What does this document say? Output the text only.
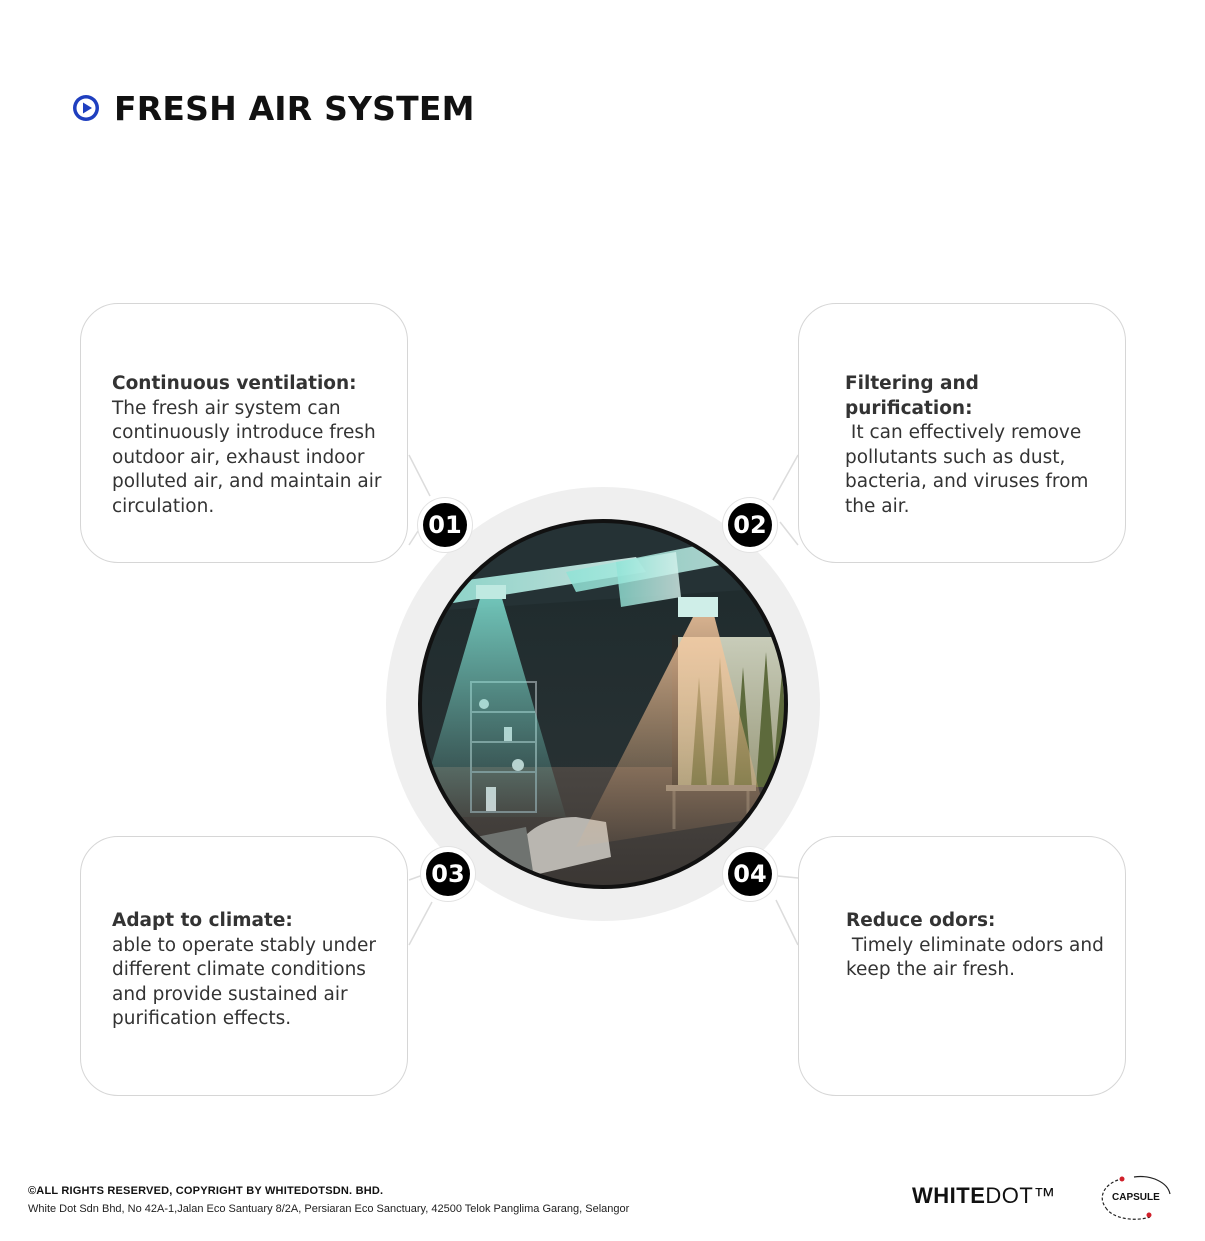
FRESH AIR SYSTEM
Continuous ventilation:
The fresh air system can
continuously introduce fresh
outdoor air, exhaust indoor
polluted air, and maintain air
circulation.
Filtering and purification:
It can effectively remove
pollutants such as dust,
bacteria, and viruses from
the air.
Adapt to climate:
able to operate stably under
different climate conditions
and provide sustained air
purification effects.
Reduce odors:
Timely eliminate odors and
keep the air fresh.
01	02
03	04
©ALL RIGHTS RESERVED, COPYRIGHT BY WHITEDOTSDN. BHD.
White Dot Sdn Bhd, No 42A-1,Jalan Eco Santuary 8/2A, Persiaran Eco Sanctuary, 42500 Telok Panglima Garang, Selangor
WHITEDOT™	CAPSULE
